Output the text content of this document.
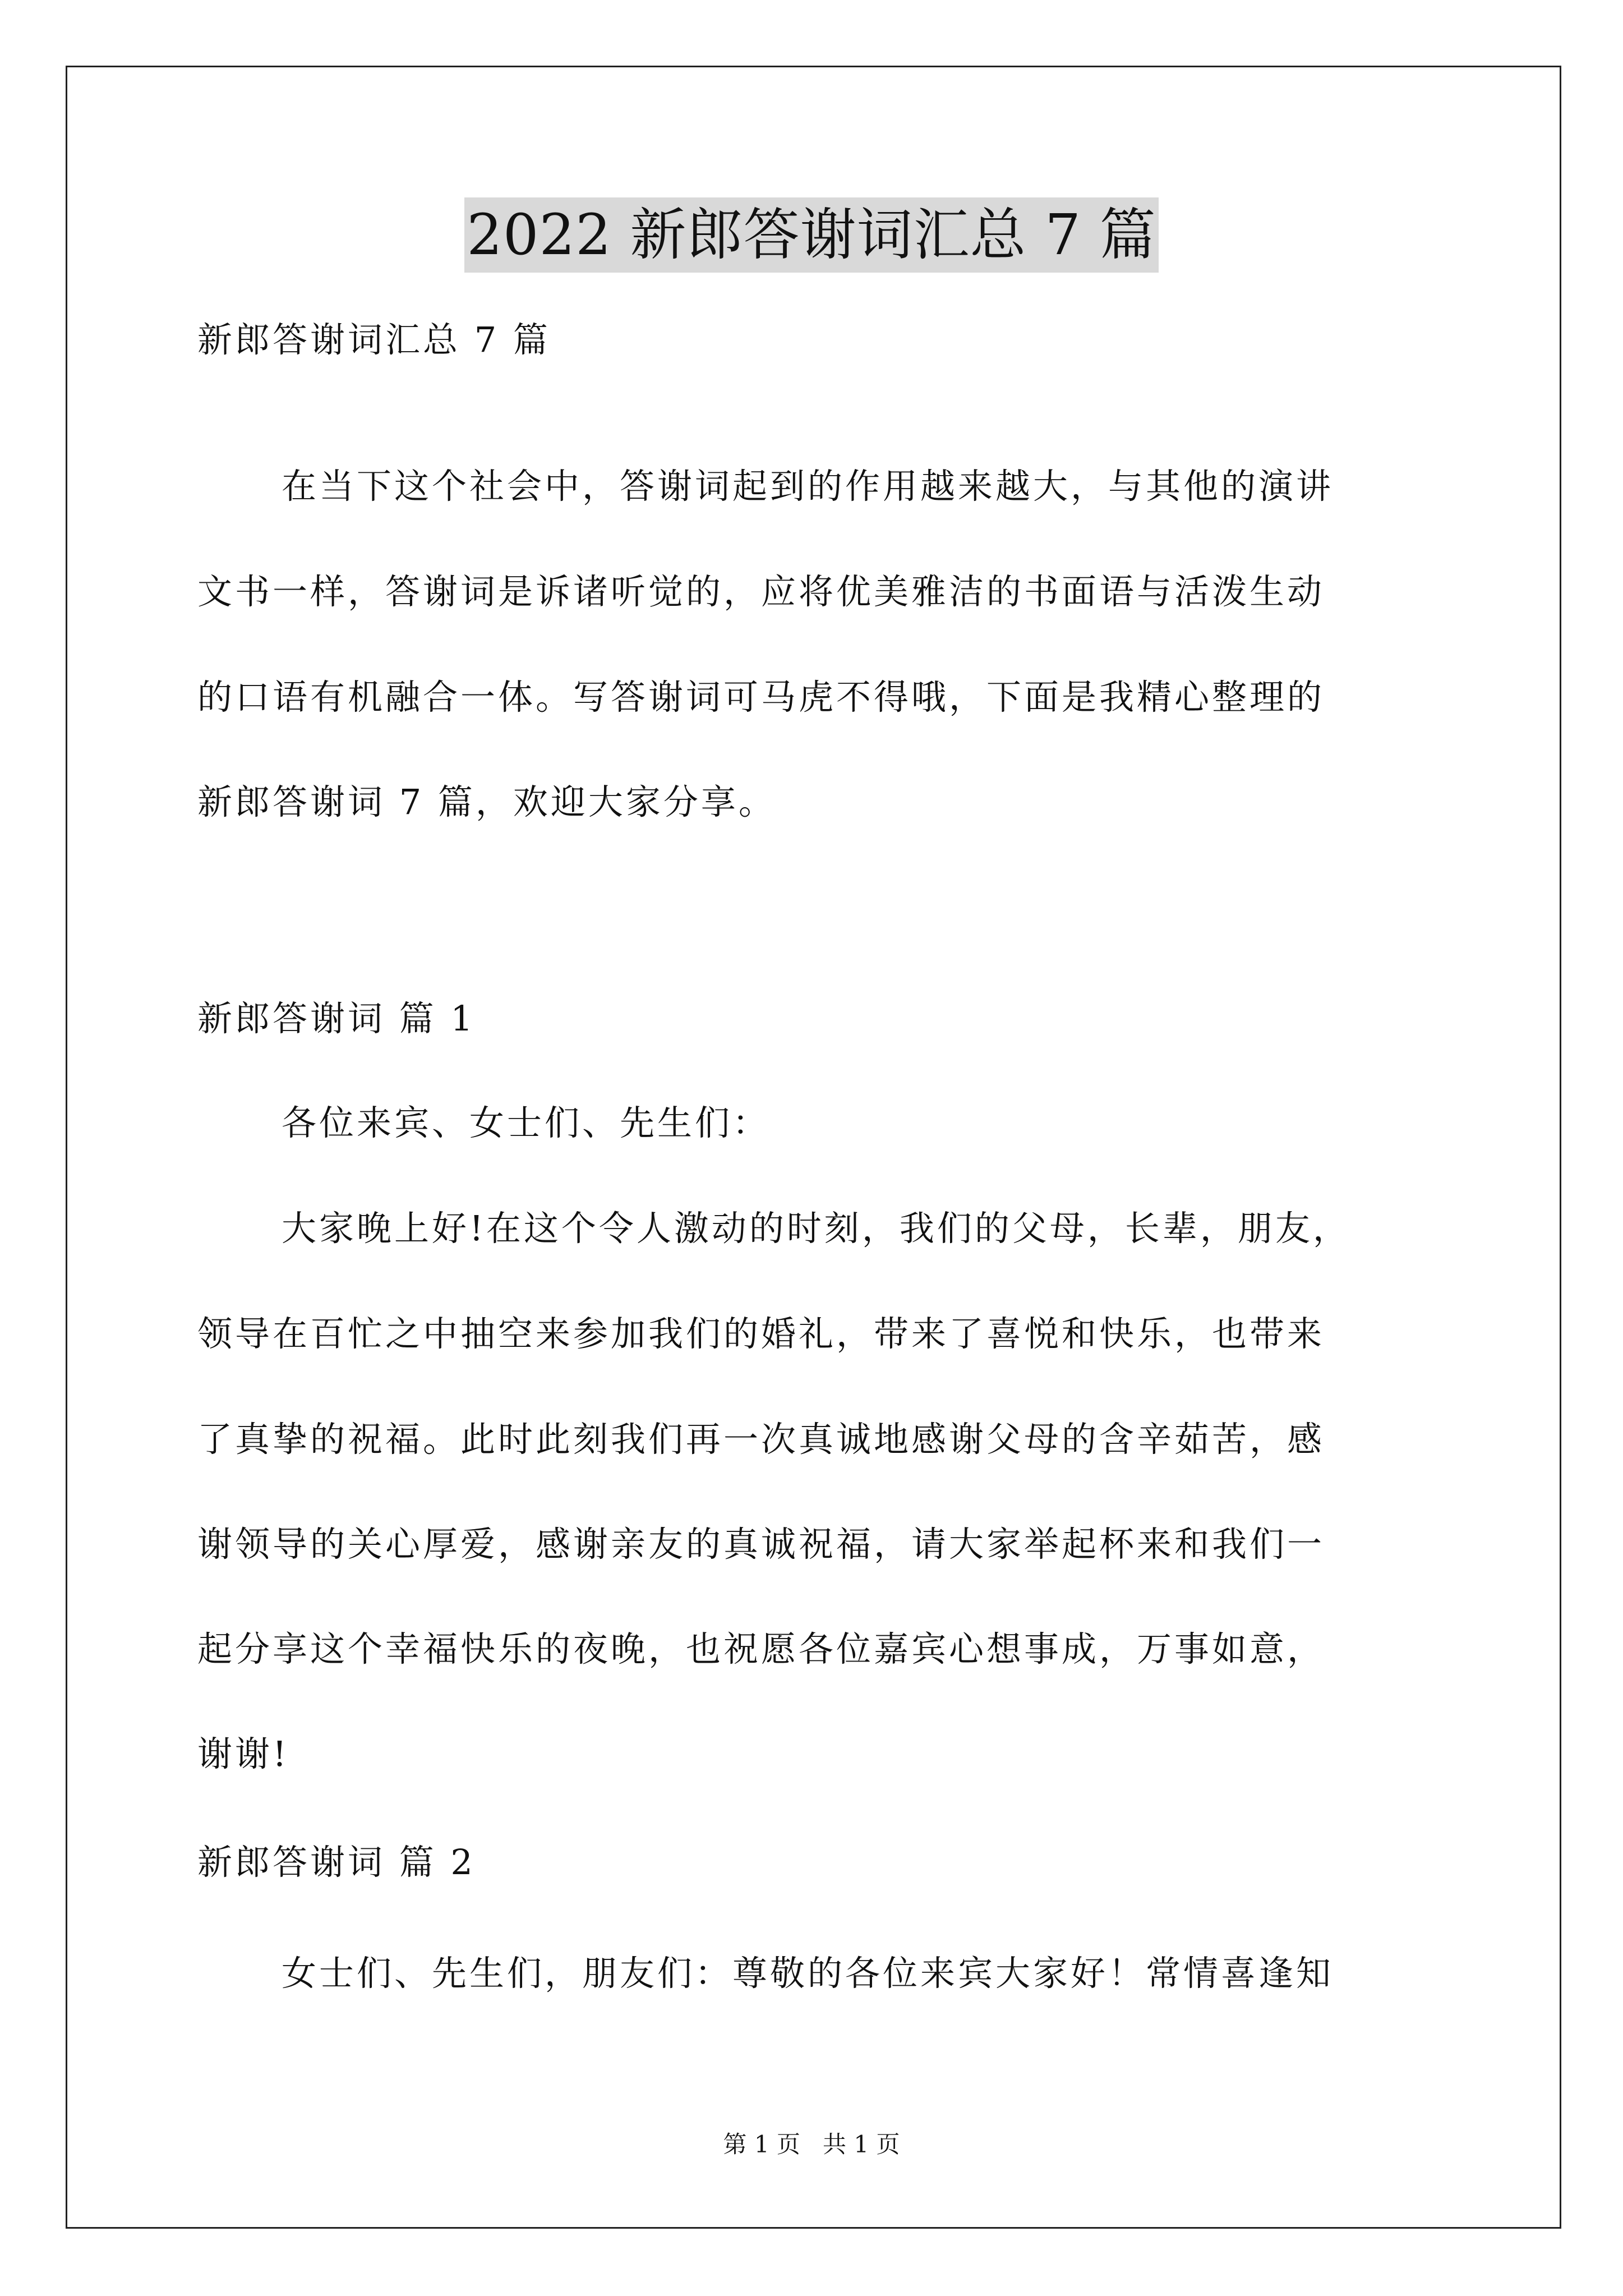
2022 新郎答谢词汇总 7 篇
新郎答谢词汇总 7 篇
在当下这个社会中，答谢词起到的作用越来越大，与其他的演讲
文书一样，答谢词是诉诸听觉的，应将优美雅洁的书面语与活泼生动
的口语有机融合一体。写答谢词可马虎不得哦，下面是我精心整理的
新郎答谢词 7 篇，欢迎大家分享。
新郎答谢词 篇 1
各位来宾、女士们、先生们：
大家晚上好!在这个令人激动的时刻，我们的父母，长辈，朋友，
领导在百忙之中抽空来参加我们的婚礼，带来了喜悦和快乐，也带来
了真挚的祝福。此时此刻我们再一次真诚地感谢父母的含辛茹苦，感
谢领导的关心厚爱，感谢亲友的真诚祝福，请大家举起杯来和我们一
起分享这个幸福快乐的夜晚，也祝愿各位嘉宾心想事成，万事如意，
谢谢!
新郎答谢词 篇 2
女士们、先生们，朋友们：尊敬的各位来宾大家好！常情喜逢知
第 1 页   共 1 页
